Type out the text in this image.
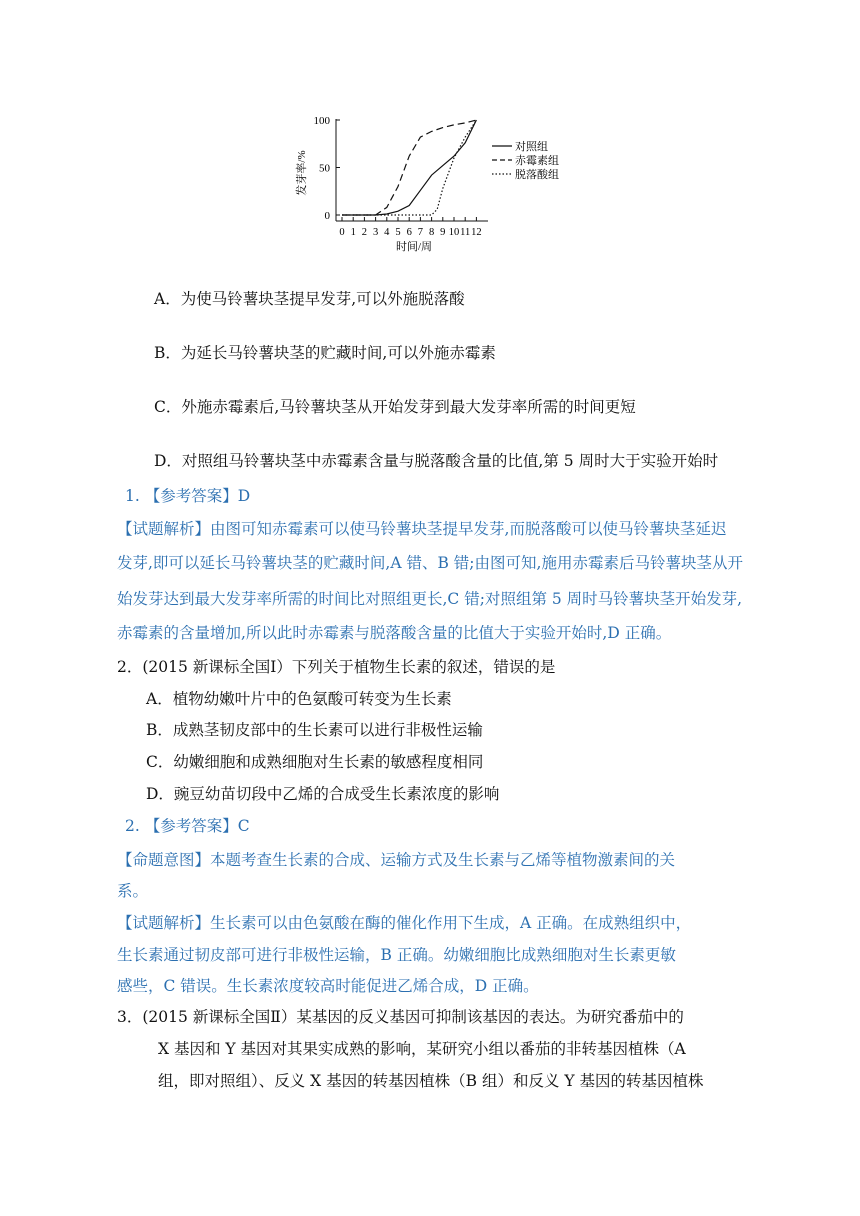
0
50
100
0 1 2 3 4 5 6 7 8 9 10 11 12
对照组
赤霉素组
脱落酸组
发芽率/%
时间/周
A．为使马铃薯块茎提早发芽,可以外施脱落酸
B．为延长马铃薯块茎的贮藏时间,可以外施赤霉素
C．外施赤霉素后,马铃薯块茎从开始发芽到最大发芽率所需的时间更短
D．对照组马铃薯块茎中赤霉素含量与脱落酸含量的比值,第 5 周时大于实验开始时
1. 【参考答案】D
【试题解析】由图可知赤霉素可以使马铃薯块茎提早发芽,而脱落酸可以使马铃薯块茎延迟
发芽,即可以延长马铃薯块茎的贮藏时间,A 错、B 错;由图可知,施用赤霉素后马铃薯块茎从开
始发芽达到最大发芽率所需的时间比对照组更长,C 错;对照组第 5 周时马铃薯块茎开始发芽,
赤霉素的含量增加,所以此时赤霉素与脱落酸含量的比值大于实验开始时,D 正确。
2．(2015 新课标全国Ⅰ）下列关于植物生长素的叙述，错误的是
A．植物幼嫩叶片中的色氨酸可转变为生长素
B．成熟茎韧皮部中的生长素可以进行非极性运输
C．幼嫩细胞和成熟细胞对生长素的敏感程度相同
D．豌豆幼苗切段中乙烯的合成受生长素浓度的影响
2. 【参考答案】C
【命题意图】本题考查生长素的合成、运输方式及生长素与乙烯等植物激素间的关
系。
【试题解析】生长素可以由色氨酸在酶的催化作用下生成，A 正确。在成熟组织中，
生长素通过韧皮部可进行非极性运输，B 正确。幼嫩细胞比成熟细胞对生长素更敏
感些，C 错误。生长素浓度较高时能促进乙烯合成，D 正确。
3．(2015 新课标全国Ⅱ）某基因的反义基因可抑制该基因的表达。为研究番茄中的
X 基因和 Y 基因对其果实成熟的影响，某研究小组以番茄的非转基因植株（A
组，即对照组）、反义 X 基因的转基因植株（B 组）和反义 Y 基因的转基因植株
